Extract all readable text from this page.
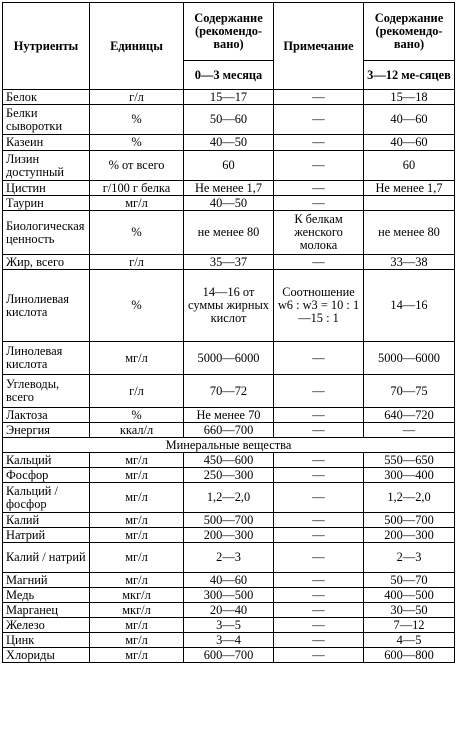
Нутриенты	Единицы	Содержание (рекомендо-вано)	Примечание	Содержание (рекомендо-вано)
		0—3 месяца		3—12 ме-сяцев
Белок	г/л	15—17	—	15—18
Белки сыворотки	%	50—60	—	40—60
Казеин	%	40—50	—	40—60
Лизин доступный	% от всего	60	—	60
Цистин	г/100 г белка	Не менее 1,7	—	Не менее 1,7
Таурин	мг/л	40—50	—	
Биологическая ценность	%	не менее 80	К белкам женского молока	не менее 80
Жир, всего	г/л	35—37	—	33—38
Линолиевая кислота	%	14—16 от суммы жирных кислот	Соотношение w6 : w3 = 10 : 1—15 : 1	14—16
Линолевая кислота	мг/л	5000—6000	—	5000—6000
Углеводы, всего	г/л	70—72	—	70—75
Лактоза	%	Не менее 70	—	640—720
Энергия	ккал/л	660—700	—	—
Минеральные вещества				
Кальций	мг/л	450—600	—	550—650
Фосфор	мг/л	250—300	—	300—400
Кальций / фосфор	мг/л	1,2—2,0	—	1,2—2,0
Калий	мг/л	500—700	—	500—700
Натрий	мг/л	200—300	—	200—300
Калий / натрий	мг/л	2—3	—	2—3
Магний	мг/л	40—60	—	50—70
Медь	мкг/л	300—500	—	400—500
Марганец	мкг/л	20—40	—	30—50
Железо	мг/л	3—5	—	7—12
Цинк	мг/л	3—4	—	4—5
Хлориды	мг/л	600—700	—	600—800
